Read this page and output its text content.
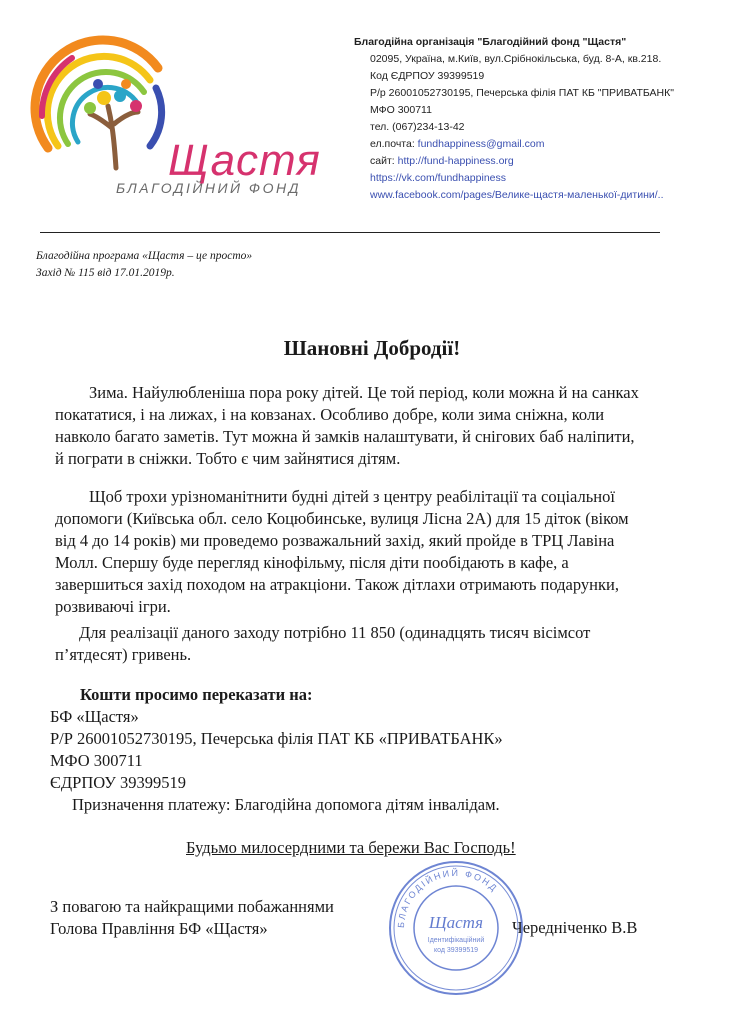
Щастя
БЛАГОДІЙНИЙ ФОНД
Благодійна організація "Благодійний фонд "Щастя"
02095, Україна, м.Київ, вул.Срібнокільська, буд. 8-А, кв.218.
Код ЄДРПОУ 39399519
Р/р 26001052730195, Печерська філія ПАТ КБ "ПРИВАТБАНК"
МФО 300711
тел. (067)234-13-42
ел.почта: fundhappiness@gmail.com
сайт: http://fund-happiness.org
https://vk.com/fundhappiness
www.facebook.com/pages/Велике-щастя-маленької-дитини/..
Благодійна програма «Щастя – це просто»
Захід № 115 від 17.01.2019р.
Шановні Добродії!
Зима. Найулюбленіша пора року дітей. Це той період, коли можна й на санках
покататися, і на лижах, і на ковзанах. Особливо добре, коли зима сніжна, коли
навколо багато заметів. Тут можна й замків налаштувати, й снігових баб наліпити,
й пограти в сніжки. Тобто є чим зайнятися дітям.
Щоб трохи урізноманітнити будні дітей з центру реабілітації та соціальної
допомоги (Київська обл. село Коцюбинське, вулиця Лісна 2А) для 15 діток (віком
від 4 до 14 років) ми проведемо розважальний захід, який пройде в ТРЦ Лавіна
Молл. Спершу буде перегляд кінофільму, після діти пообідають в кафе, а
завершиться захід походом на атракціони. Також дітлахи отримають подарунки,
розвиваючі ігри.
Для реалізації даного заходу потрібно 11 850 (одинадцять тисяч вісімсот
п’ятдесят) гривень.
Кошти просимо переказати на:
БФ «Щастя»
Р/Р 26001052730195, Печерська філія ПАТ КБ «ПРИВАТБАНК»
МФО 300711
ЄДРПОУ 39399519
Призначення платежу: Благодійна допомога дітям інвалідам.
Будьмо милосердними та бережи Вас Господь!
З повагою та найкращими побажаннями
Голова Правління БФ «Щастя»	Чередніченко В.В
БЛАГОДІЙНИЙ ФОНД
Щастя
Ідентифікаційний
код 39399519
